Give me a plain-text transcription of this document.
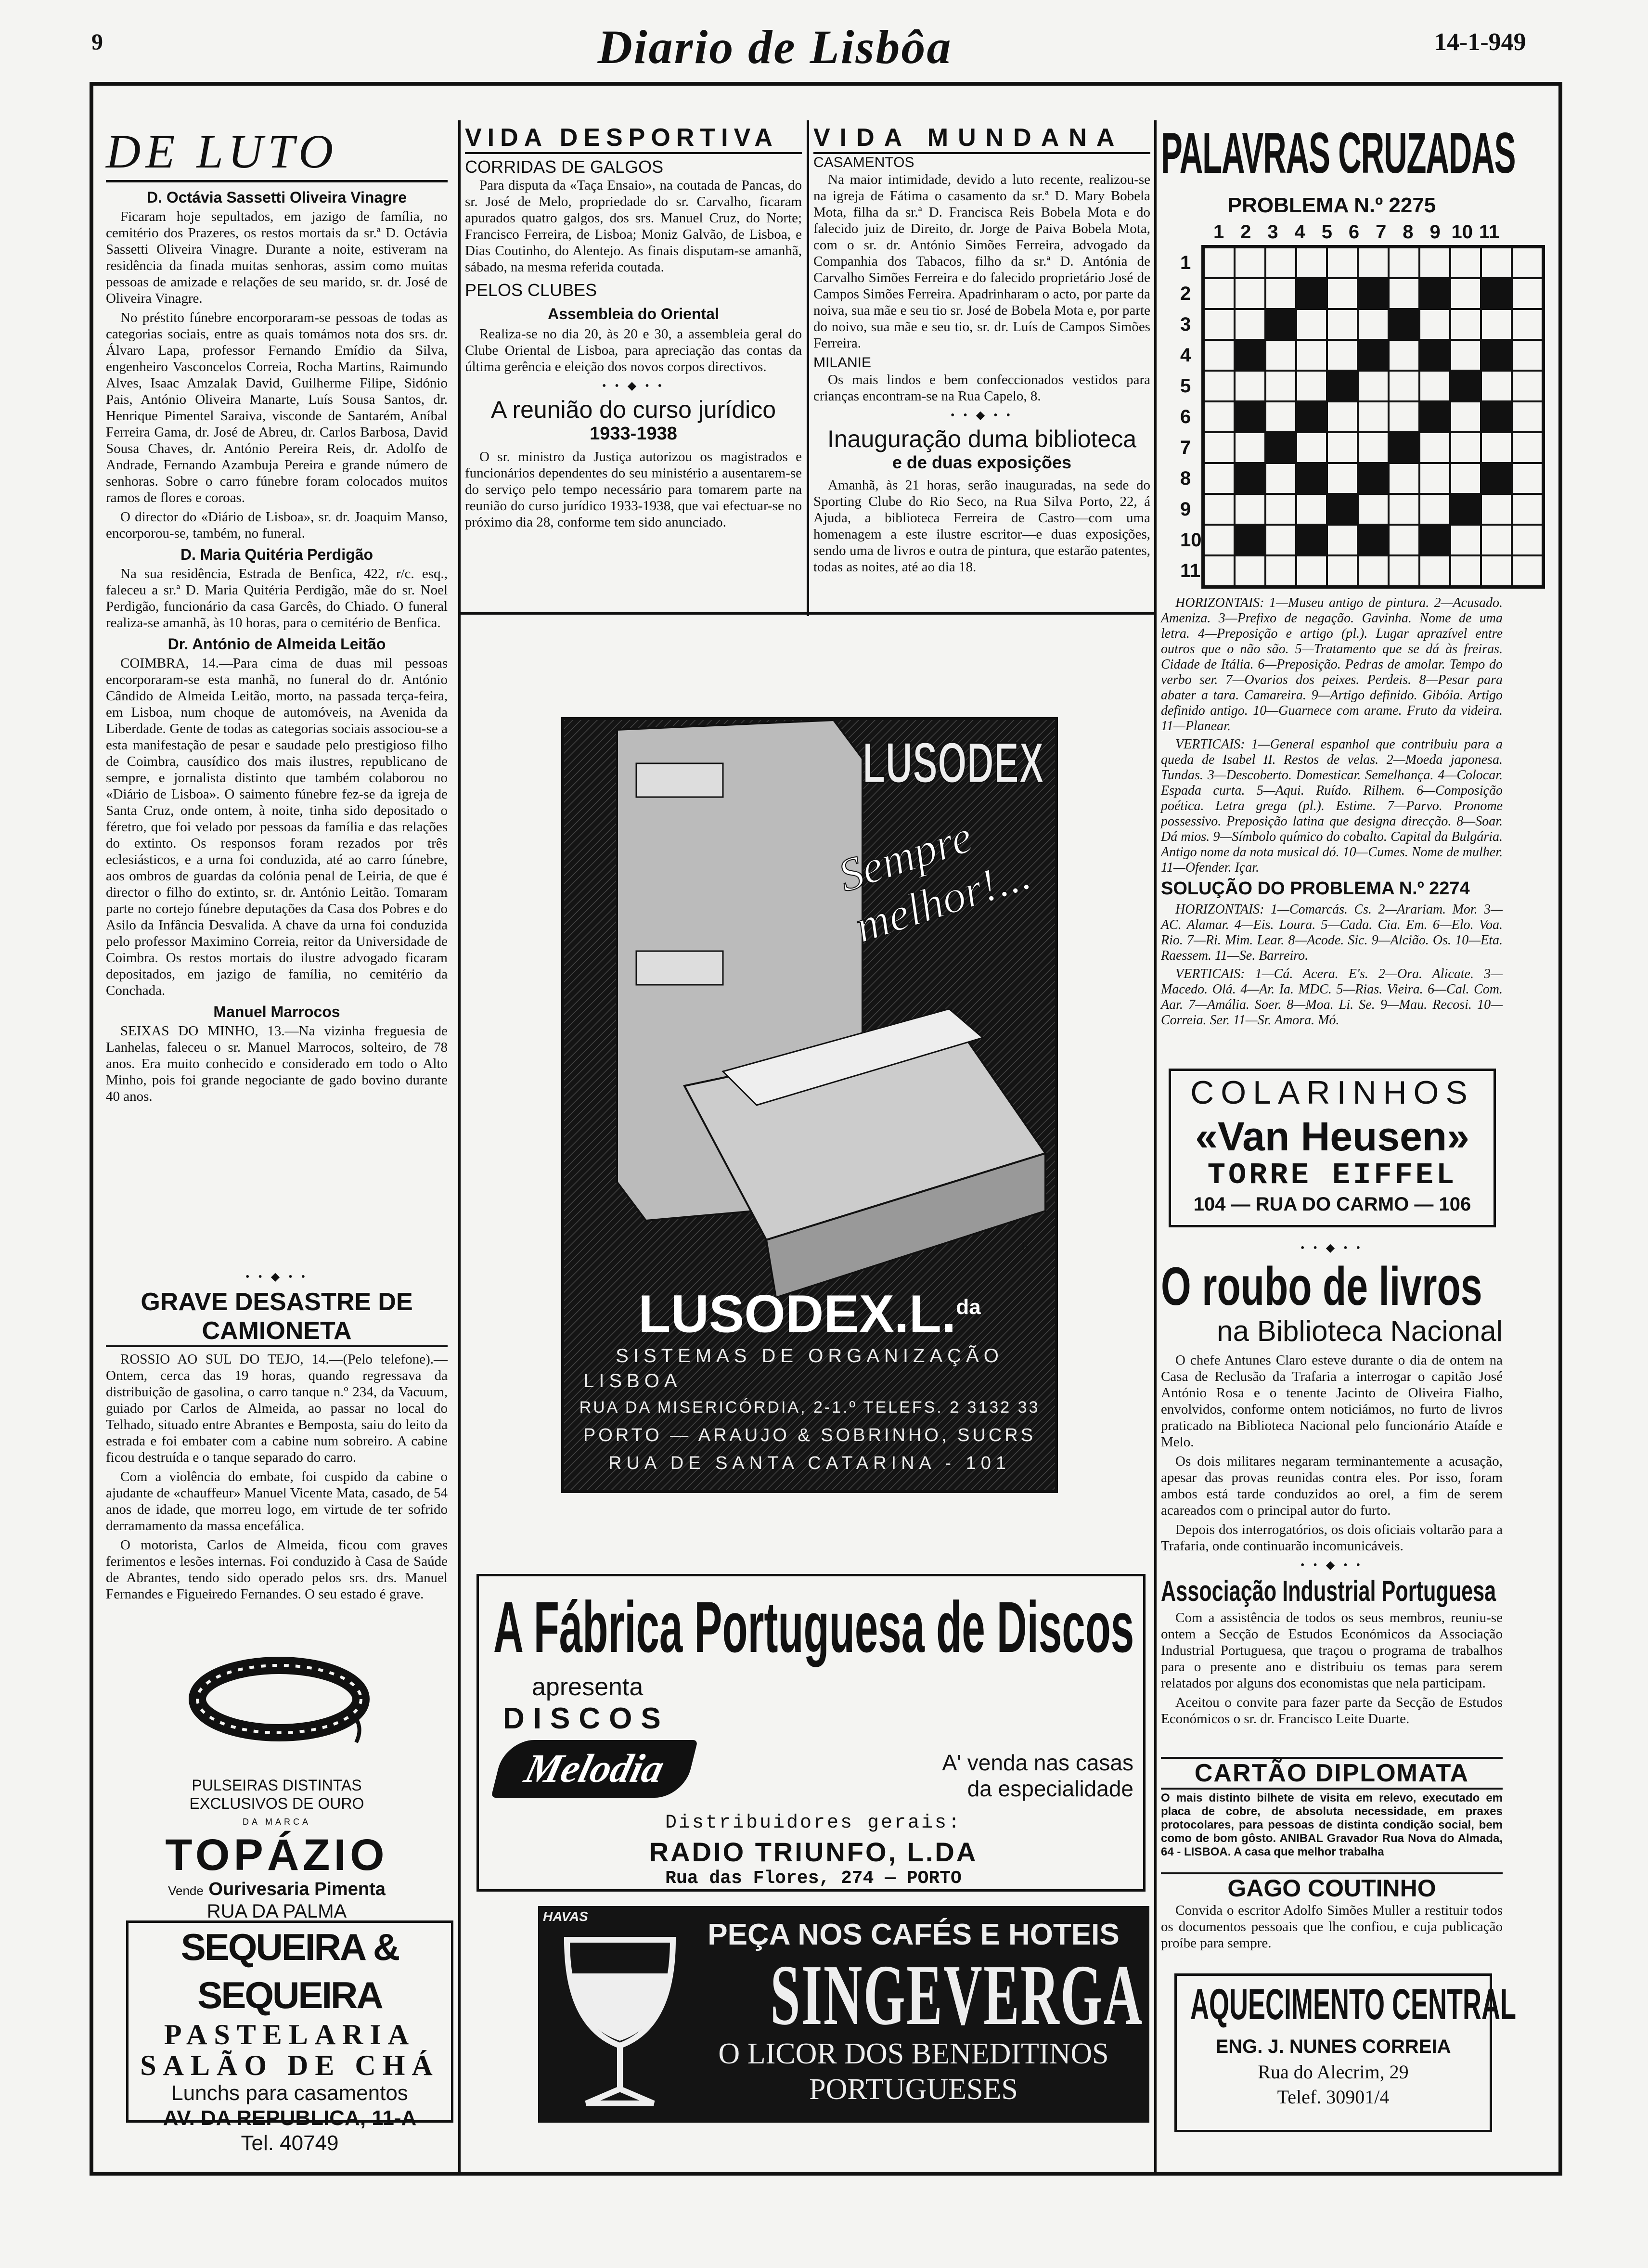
9	Diario de Lisbôa	14-1-949
DE LUTO
D. Octávia Sassetti Oliveira Vinagre

Ficaram hoje sepultados, em jazigo de família, no cemitério dos Prazeres, os restos mortais da sr.ª D. Octávia Sassetti Oliveira Vinagre. Durante a noite, estiveram na residência da finada muitas senhoras, assim como muitas pessoas de amizade e relações de seu marido, sr. dr. José de Oliveira Vinagre.

No préstito fúnebre encorporaram-se pessoas de todas as categorias sociais, entre as quais tomámos nota dos srs. dr. Álvaro Lapa, professor Fernando Emídio da Silva, engenheiro Vasconcelos Correia, Rocha Martins, Raimundo Alves, Isaac Amzalak David, Guilherme Filipe, Sidónio Pais, António Oliveira Manarte, Luís Sousa Santos, dr. Henrique Pimentel Saraiva, visconde de Santarém, Aníbal Ferreira Gama, dr. José de Abreu, dr. Carlos Barbosa, David Sousa Chaves, dr. António Pereira Reis, dr. Adolfo de Andrade, Fernando Azambuja Pereira e grande número de senhoras. Sobre o carro fúnebre foram colocados muitos ramos de flores e coroas.

O director do «Diário de Lisboa», sr. dr. Joaquim Manso, encorporou-se, também, no funeral.

D. Maria Quitéria Perdigão

Na sua residência, Estrada de Benfica, 422, r/c. esq., faleceu a sr.ª D. Maria Quitéria Perdigão, mãe do sr. Noel Perdigão, funcionário da casa Garcês, do Chiado. O funeral realiza-se amanhã, às 10 horas, para o cemitério de Benfica.

Dr. António de Almeida Leitão

COIMBRA, 14.—Para cima de duas mil pessoas encorporaram-se esta manhã, no funeral do dr. António Cândido de Almeida Leitão, morto, na passada terça-feira, em Lisboa, num choque de automóveis, na Avenida da Liberdade. Gente de todas as categorias sociais associou-se a esta manifestação de pesar e saudade pelo prestigioso filho de Coimbra, causídico dos mais ilustres, republicano de sempre, e jornalista distinto que também colaborou no «Diário de Lisboa». O saimento fúnebre fez-se da igreja de Santa Cruz, onde ontem, à noite, tinha sido depositado o féretro, que foi velado por pessoas da família e das relações do extinto. Os responsos foram rezados por três eclesiásticos, e a urna foi conduzida, até ao carro fúnebre, aos ombros de guardas da colónia penal de Leiria, de que é director o filho do extinto, sr. dr. António Leitão. Tomaram parte no cortejo fúnebre deputações da Casa dos Pobres e do Asilo da Infância Desvalida. A chave da urna foi conduzida pelo professor Maximino Correia, reitor da Universidade de Coimbra. Os restos mortais do ilustre advogado ficaram depositados, em jazigo de família, no cemitério da Conchada.

Manuel Marrocos

SEIXAS DO MINHO, 13.—Na vizinha freguesia de Lanhelas, faleceu o sr. Manuel Marrocos, solteiro, de 78 anos. Era muito conhecido e considerado em todo o Alto Minho, pois foi grande negociante de gado bovino durante 40 anos.

• • ◆ • •
GRAVE DESASTRE DE CAMIONETA

ROSSIO AO SUL DO TEJO, 14.—(Pelo telefone).—Ontem, cerca das 19 horas, quando regressava da distribuição de gasolina, o carro tanque n.º 234, da Vacuum, guiado por Carlos de Almeida, ao passar no local do Telhado, situado entre Abrantes e Bemposta, saiu do leito da estrada e foi embater com a cabine num sobreiro. A cabine ficou destruída e o tanque separado do carro.

Com a violência do embate, foi cuspido da cabine o ajudante de «chauffeur» Manuel Vicente Mata, casado, de 54 anos de idade, que morreu logo, em virtude de ter sofrido derramamento da massa encefálica.

O motorista, Carlos de Almeida, ficou com graves ferimentos e lesões internas. Foi conduzido à Casa de Saúde de Abrantes, tendo sido operado pelos srs. drs. Manuel Fernandes e Figueiredo Fernandes. O seu estado é grave.

PULSEIRAS DISTINTAS
EXCLUSIVOS DE OURO
DA MARCA
TOPÁZIO
Vende Ourivesaria Pimenta
RUA DA PALMA
SEQUEIRA & SEQUEIRA
PASTELARIA
SALÃO DE CHÁ
Lunchs para casamentos
AV. DA REPUBLICA, 11-A
Tel. 40749
VIDA DESPORTIVA
CORRIDAS DE GALGOS

Para disputa da «Taça Ensaio», na coutada de Pancas, do sr. José de Melo, propriedade do sr. Carvalho, ficaram apurados quatro galgos, dos srs. Manuel Cruz, do Norte; Francisco Ferreira, de Lisboa; Moniz Galvão, de Lisboa, e Dias Coutinho, do Alentejo. As finais disputam-se amanhã, sábado, na mesma referida coutada.

PELOS CLUBES
Assembleia do Oriental

Realiza-se no dia 20, às 20 e 30, a assembleia geral do Clube Oriental de Lisboa, para apreciação das contas da última gerência e eleição dos novos corpos directivos.

• • ◆ • •
A reunião do curso jurídico
1933-1938

O sr. ministro da Justiça autorizou os magistrados e funcionários dependentes do seu ministério a ausentarem-se do serviço pelo tempo necessário para tomarem parte na reunião do curso jurídico 1933-1938, que vai efectuar-se no próximo dia 28, conforme tem sido anunciado.

VIDA MUNDANA
CASAMENTOS

Na maior intimidade, devido a luto recente, realizou-se na igreja de Fátima o casamento da sr.ª D. Mary Bobela Mota, filha da sr.ª D. Francisca Reis Bobela Mota e do falecido juiz de Direito, dr. Jorge de Paiva Bobela Mota, com o sr. dr. António Simões Ferreira, advogado da Companhia dos Tabacos, filho da sr.ª D. Antónia de Carvalho Simões Ferreira e do falecido proprietário José de Campos Simões Ferreira. Apadrinharam o acto, por parte da noiva, sua mãe e seu tio sr. José de Bobela Mota e, por parte do noivo, sua mãe e seu tio, sr. dr. Luís de Campos Simões Ferreira.

MILANIE

Os mais lindos e bem confeccionados vestidos para crianças encontram-se na Rua Capelo, 8.

• • ◆ • •
Inauguração duma biblioteca
e de duas exposições

Amanhã, às 21 horas, serão inauguradas, na sede do Sporting Clube do Rio Seco, na Rua Silva Porto, 22, á Ajuda, a biblioteca Ferreira de Castro—com uma homenagem a este ilustre escritor—e duas exposições, sendo uma de livros e outra de pintura, que estarão patentes, todas as noites, até ao dia 18.

LUSODEX
Sempre melhor!...
R
LUSODEX.L.$^{da}$
SISTEMAS DE ORGANIZAÇÃO
LISBOA
RUA DA MISERICÓRDIA, 2-1.º TELEFS. 2 3132 33
PORTO — ARAUJO & SOBRINHO, SUCRS
RUA DE SANTA CATARINA - 101
A Fábrica Portuguesa de Discos
apresenta
DISCOS
Melodia	A' venda nas casas da especialidade
Distribuidores gerais:
RADIO TRIUNFO, L.DA
Rua das Flores, 274 — PORTO
HAVAS
PEÇA NOS CAFÉS E HOTEIS
SINGEVERGA
O LICOR DOS BENEDITINOS
PORTUGUESES
PALAVRAS CRUZADAS
PROBLEMA N.º 2275
1 2 3 4 5 6 7 8 9 10 11
1
2
3
4
5
6
7
8
9
10
11

HORIZONTAIS: 1—Museu antigo de pintura. 2—Acusado. Ameniza. 3—Prefixo de negação. Gavinha. Nome de uma letra. 4—Preposição e artigo (pl.). Lugar aprazível entre outros que o não são. 5—Tratamento que se dá às freiras. Cidade de Itália. 6—Preposição. Pedras de amolar. Tempo do verbo ser. 7—Ovarios dos peixes. Perdeis. 8—Pesar para abater a tara. Camareira. 9—Artigo definido. Gibóia. Artigo definido antigo. 10—Guarnece com arame. Fruto da videira. 11—Planear.

VERTICAIS: 1—General espanhol que contribuiu para a queda de Isabel II. Restos de velas. 2—Moeda japonesa. Tundas. 3—Descoberto. Domesticar. Semelhança. 4—Colocar. Espada curta. 5—Aqui. Ruído. Rilhem. 6—Composição poética. Letra grega (pl.). Estime. 7—Parvo. Pronome possessivo. Preposição latina que designa direcção. 8—Soar. Dá mios. 9—Símbolo químico do cobalto. Capital da Bulgária. Antigo nome da nota musical dó. 10—Cumes. Nome de mulher. 11—Ofender. Içar.

SOLUÇÃO DO PROBLEMA N.º 2274

HORIZONTAIS: 1—Comarcás. Cs. 2—Arariam. Mor. 3—AC. Alamar. 4—Eis. Loura. 5—Cada. Cia. Em. 6—Elo. Voa. Rio. 7—Ri. Mim. Lear. 8—Acode. Sic. 9—Alcião. Os. 10—Eta. Raessem. 11—Se. Barreiro.

VERTICAIS: 1—Cá. Acera. E's. 2—Ora. Alicate. 3—Macedo. Olá. 4—Ar. Ia. MDC. 5—Rias. Vieira. 6—Cal. Com. Aar. 7—Amália. Soer. 8—Moa. Li. Se. 9—Mau. Recosi. 10—Correia. Ser. 11—Sr. Amora. Mó.

COLARINHOS
«Van Heusen»
TORRE EIFFEL
104 — RUA DO CARMO — 106
• • ◆ • •
O roubo de livros
na Biblioteca Nacional

O chefe Antunes Claro esteve durante o dia de ontem na Casa de Reclusão da Trafaria a interrogar o capitão José António Rosa e o tenente Jacinto de Oliveira Fialho, envolvidos, conforme ontem noticiámos, no furto de livros praticado na Biblioteca Nacional pelo funcionário Ataíde e Melo.

Os dois militares negaram terminantemente a acusação, apesar das provas reunidas contra eles. Por isso, foram ambos está tarde conduzidos ao orel, a fim de serem acareados com o principal autor do furto.

Depois dos interrogatórios, os dois oficiais voltarão para a Trafaria, onde continuarão incomunicáveis.

• • ◆ • •
Associação Industrial Portuguesa

Com a assistência de todos os seus membros, reuniu-se ontem a Secção de Estudos Económicos da Associação Industrial Portuguesa, que traçou o programa de trabalhos para o presente ano e distribuiu os temas para serem relatados por alguns dos economistas que nela participam.

Aceitou o convite para fazer parte da Secção de Estudos Económicos o sr. dr. Francisco Leite Duarte.

CARTÃO DIPLOMATA
O mais distinto bilhete de visita em relevo, executado em placa de cobre, de absoluta necessidade, em praxes protocolares, para pessoas de distinta condição social, bem como de bom gôsto. ANIBAL Gravador Rua Nova do Almada, 64 - LISBOA. A casa que melhor trabalha
GAGO COUTINHO

Convida o escritor Adolfo Simões Muller a restituir todos os documentos pessoais que lhe confiou, e cuja publicação proíbe para sempre.

AQUECIMENTO CENTRAL
ENG. J. NUNES CORREIA
Rua do Alecrim, 29
Telef. 30901/4
